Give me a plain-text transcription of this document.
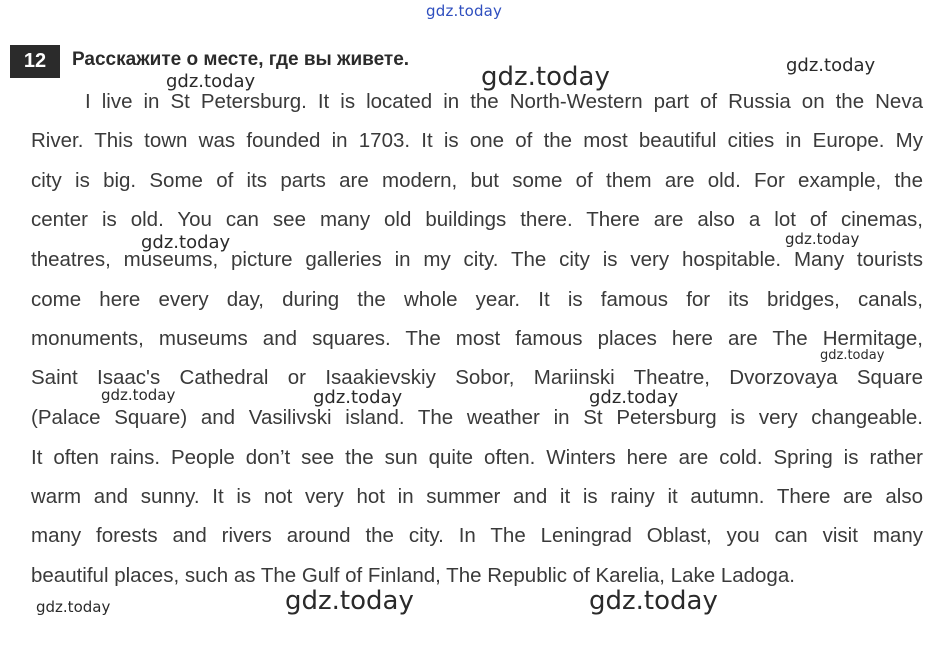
gdz.today
12	Расскажите о месте, где вы живете.
I live in St Petersburg. It is located in the North-Western part of Russia on the Neva
River. This town was founded in 1703. It is one of the most beautiful cities in Europe. My
city is big. Some of its parts are modern, but some of them are old. For example, the
center is old. You can see many old buildings there. There are also a lot of cinemas,
theatres, museums, picture galleries in my city. The city is very hospitable. Many tourists
come here every day, during the whole year. It is famous for its bridges, canals,
monuments, museums and squares. The most famous places here are The Hermitage,
Saint Isaac's Cathedral or Isaakievskiy Sobor, Mariinski Theatre, Dvorzovaya Square
(Palace Square) and Vasilivski island. The weather in St Petersburg is very changeable.
It often rains. People don’t see the sun quite often. Winters here are cold. Spring is rather
warm and sunny. It is not very hot in summer and it is rainy it autumn. There are also
many forests and rivers around the city. In The Leningrad Oblast, you can visit many
beautiful places, such as The Gulf of Finland, The Republic of Karelia, Lake Ladoga.
gdz.today	gdz.today	gdz.today
gdz.today	gdz.today
gdz.today
gdz.today	gdz.today	gdz.today
gdz.today	gdz.today	gdz.today
